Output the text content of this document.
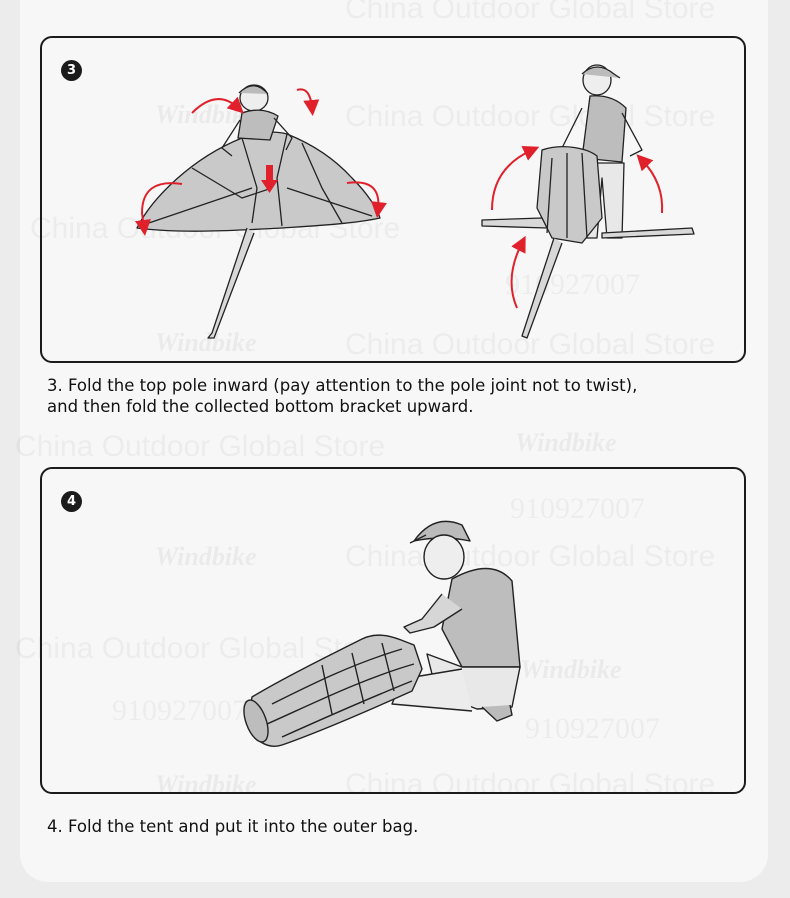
3
3. Fold the top pole inward (pay attention to the pole joint not to twist),
and then fold the collected bottom bracket upward.
4
4. Fold the tent and put it into the outer bag.
